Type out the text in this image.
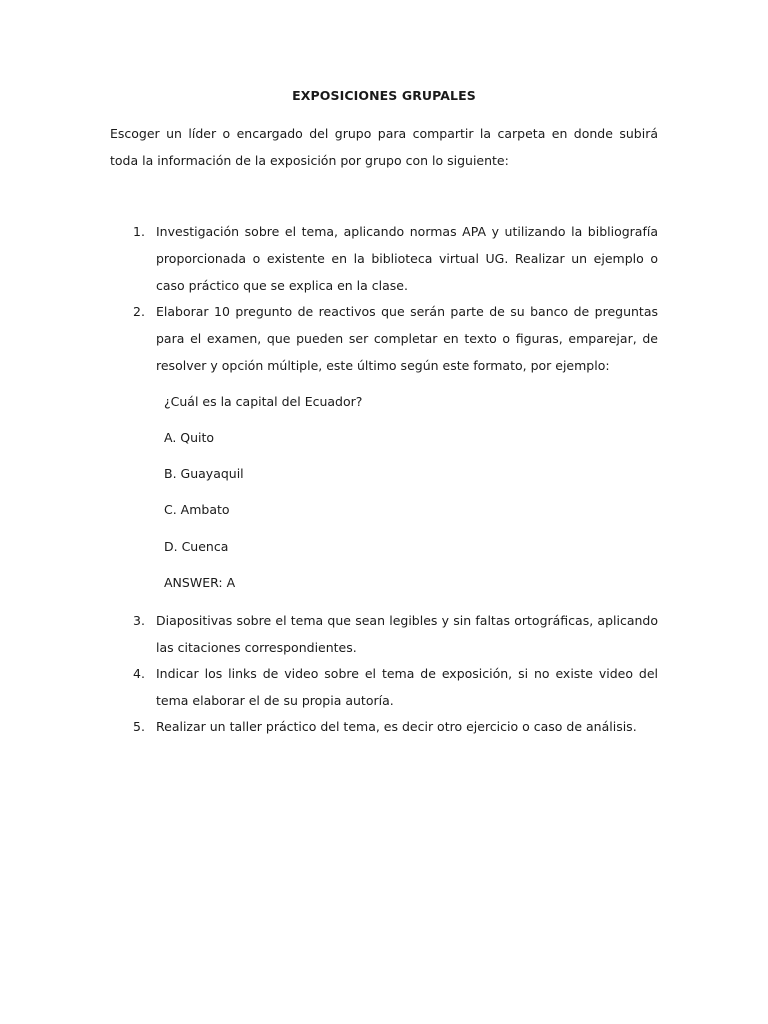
EXPOSICIONES GRUPALES
Escoger un líder o encargado del grupo para compartir la carpeta en donde subirá toda la información de la exposición por grupo con lo siguiente:
1. Investigación sobre el tema, aplicando normas APA y utilizando la bibliografía proporcionada o existente en la biblioteca virtual UG. Realizar un ejemplo o caso práctico que se explica en la clase.
2. Elaborar 10 pregunto de reactivos que serán parte de su banco de preguntas para el examen, que pueden ser completar en texto o figuras, emparejar, de resolver y opción múltiple, este último según este formato, por ejemplo:
¿Cuál es la capital del Ecuador?
A. Quito
B. Guayaquil
C. Ambato
D. Cuenca
ANSWER: A
3. Diapositivas sobre el tema que sean legibles y sin faltas ortográficas, aplicando las citaciones correspondientes.
4. Indicar los links de video sobre el tema de exposición, si no existe video del tema elaborar el de su propia autoría.
5. Realizar un taller práctico del tema, es decir otro ejercicio o caso de análisis.
